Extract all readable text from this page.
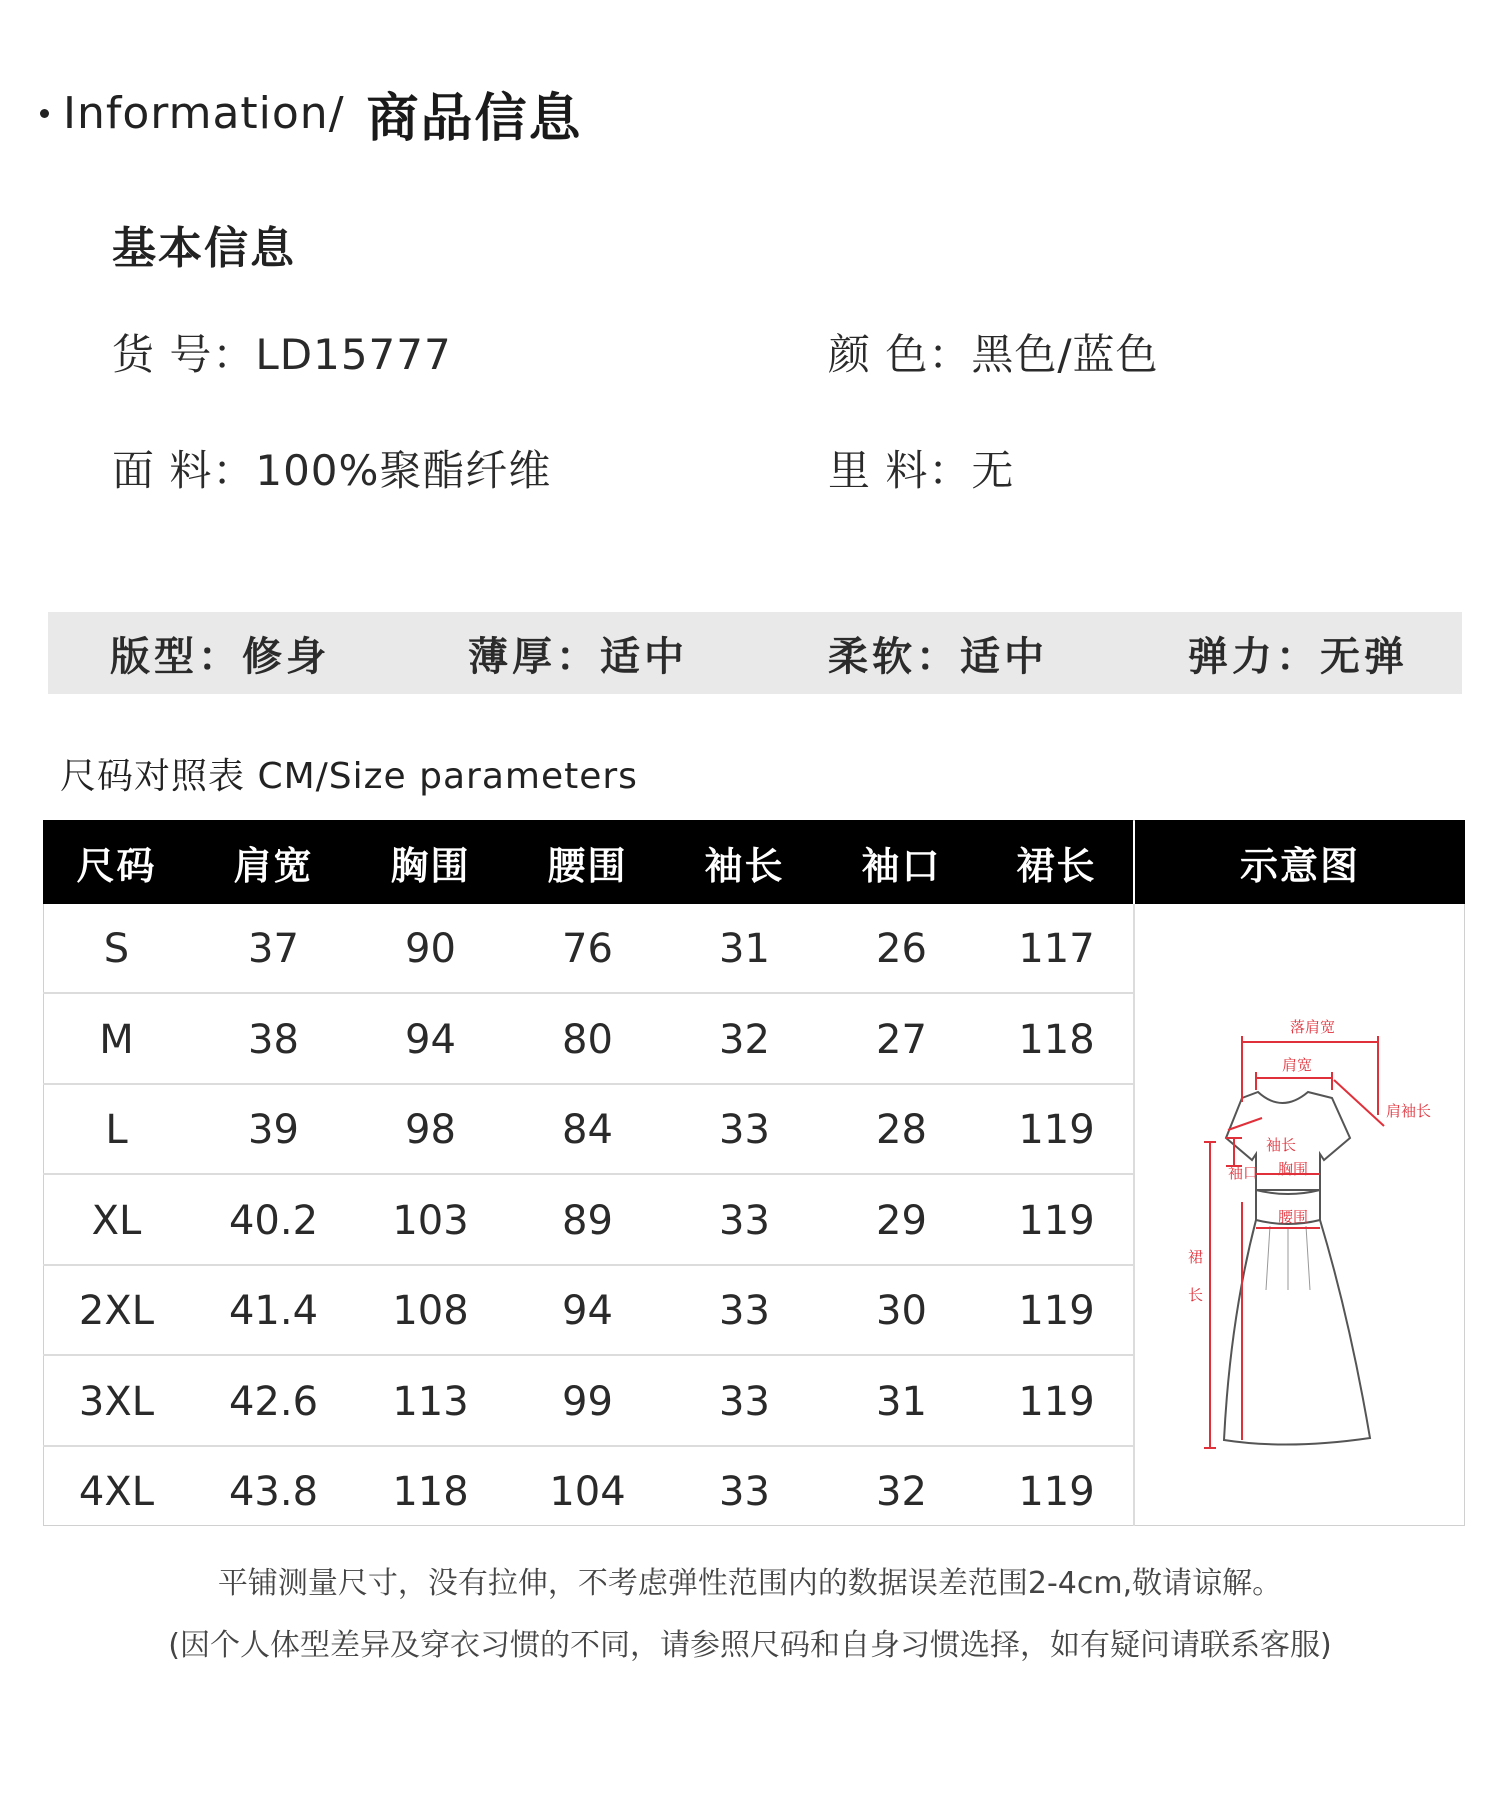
Information/ 商品信息
基本信息
货 号：LD15777	颜 色：黑色/蓝色
面 料：100%聚酯纤维	里 料：无
版型： 修身	薄厚： 适中	柔软： 适中	弹力： 无弹
尺码对照表 CM/Size parameters
尺码	肩宽	胸围	腰围	袖长	袖口	裙长	示意图
S	37	90	76	31	26	117
M	38	94	80	32	27	118
L	39	98	84	33	28	119
XL	40.2	103	89	33	29	119
2XL	41.4	108	94	33	30	119
3XL	42.6	113	99	33	31	119
4XL	43.8	118	104	33	32	119
落肩宽
肩宽
肩袖长
袖长
袖口 胸围
腰围
裙
长
平铺测量尺寸，没有拉伸，不考虑弹性范围内的数据误差范围2-4cm,敬请谅解。
(因个人体型差异及穿衣习惯的不同，请参照尺码和自身习惯选择，如有疑问请联系客服)
